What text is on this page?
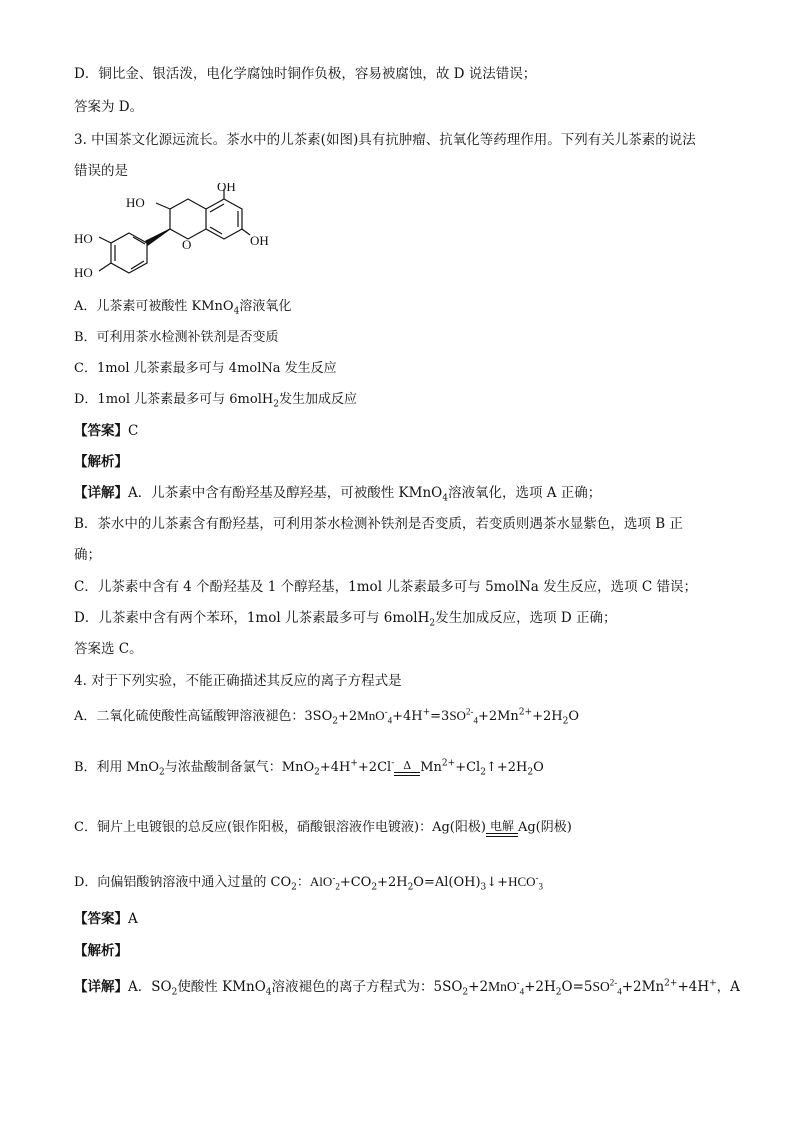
D．铜比金、银活泼，电化学腐蚀时铜作负极，容易被腐蚀，故 D 说法错误；
答案为 D。
3. 中国茶文化源远流长。茶水中的儿茶素(如图)具有抗肿瘤、抗氧化等药理作用。下列有关儿茶素的说法
错误的是
OH
HO
HO
HO
O	OH
A．儿茶素可被酸性 KMnO$_4$溶液氧化
B．可利用茶水检测补铁剂是否变质
C．1mol 儿茶素最多可与 4molNa 发生反应
D．1mol 儿茶素最多可与 6molH$_2$发生加成反应
【答案】C
【解析】
【详解】A．儿茶素中含有酚羟基及醇羟基，可被酸性 KMnO$_4$溶液氧化，选项 A 正确；
B．茶水中的儿茶素含有酚羟基，可利用茶水检测补铁剂是否变质，若变质则遇茶水显紫色，选项 B 正
确；
C．儿茶素中含有 4 个酚羟基及 1 个醇羟基，1mol 儿茶素最多可与 5molNa 发生反应，选项 C 错误；
D．儿茶素中含有两个苯环，1mol 儿茶素最多可与 6molH$_2$发生加成反应，选项 D 正确；
答案选 C。
4. 对于下列实验，不能正确描述其反应的离子方程式是
A．二氧化硫使酸性高锰酸钾溶液褪色：$3SO_2+2MnO^-_4+4H^+=3SO^{2-}_4+2Mn^{2+}+2H_2O$
B．利用 MnO$_2$与浓盐酸制备氯气：MnO$_2$+4H++2Cl- Δ $Mn^{2+}+Cl_2↑+2H_2O$
C．铜片上电镀银的总反应(银作阳极，硝酸银溶液作电镀液)：Ag(阳极) 电解 Ag(阴极)
D．向偏铝酸钠溶液中通入过量的 $CO_2$：$AlO^-_2+CO_2+2H_2O=Al(OH)_3↓+HCO^-_3$
【答案】A
【解析】
【详解】A．$SO_2$使酸性 KMnO$_4$溶液褪色的离子方程式为：$5SO_2+2MnO^-_4+2H_2O=5SO^{2-}_4+2Mn^{2+}+4H^+$，A
